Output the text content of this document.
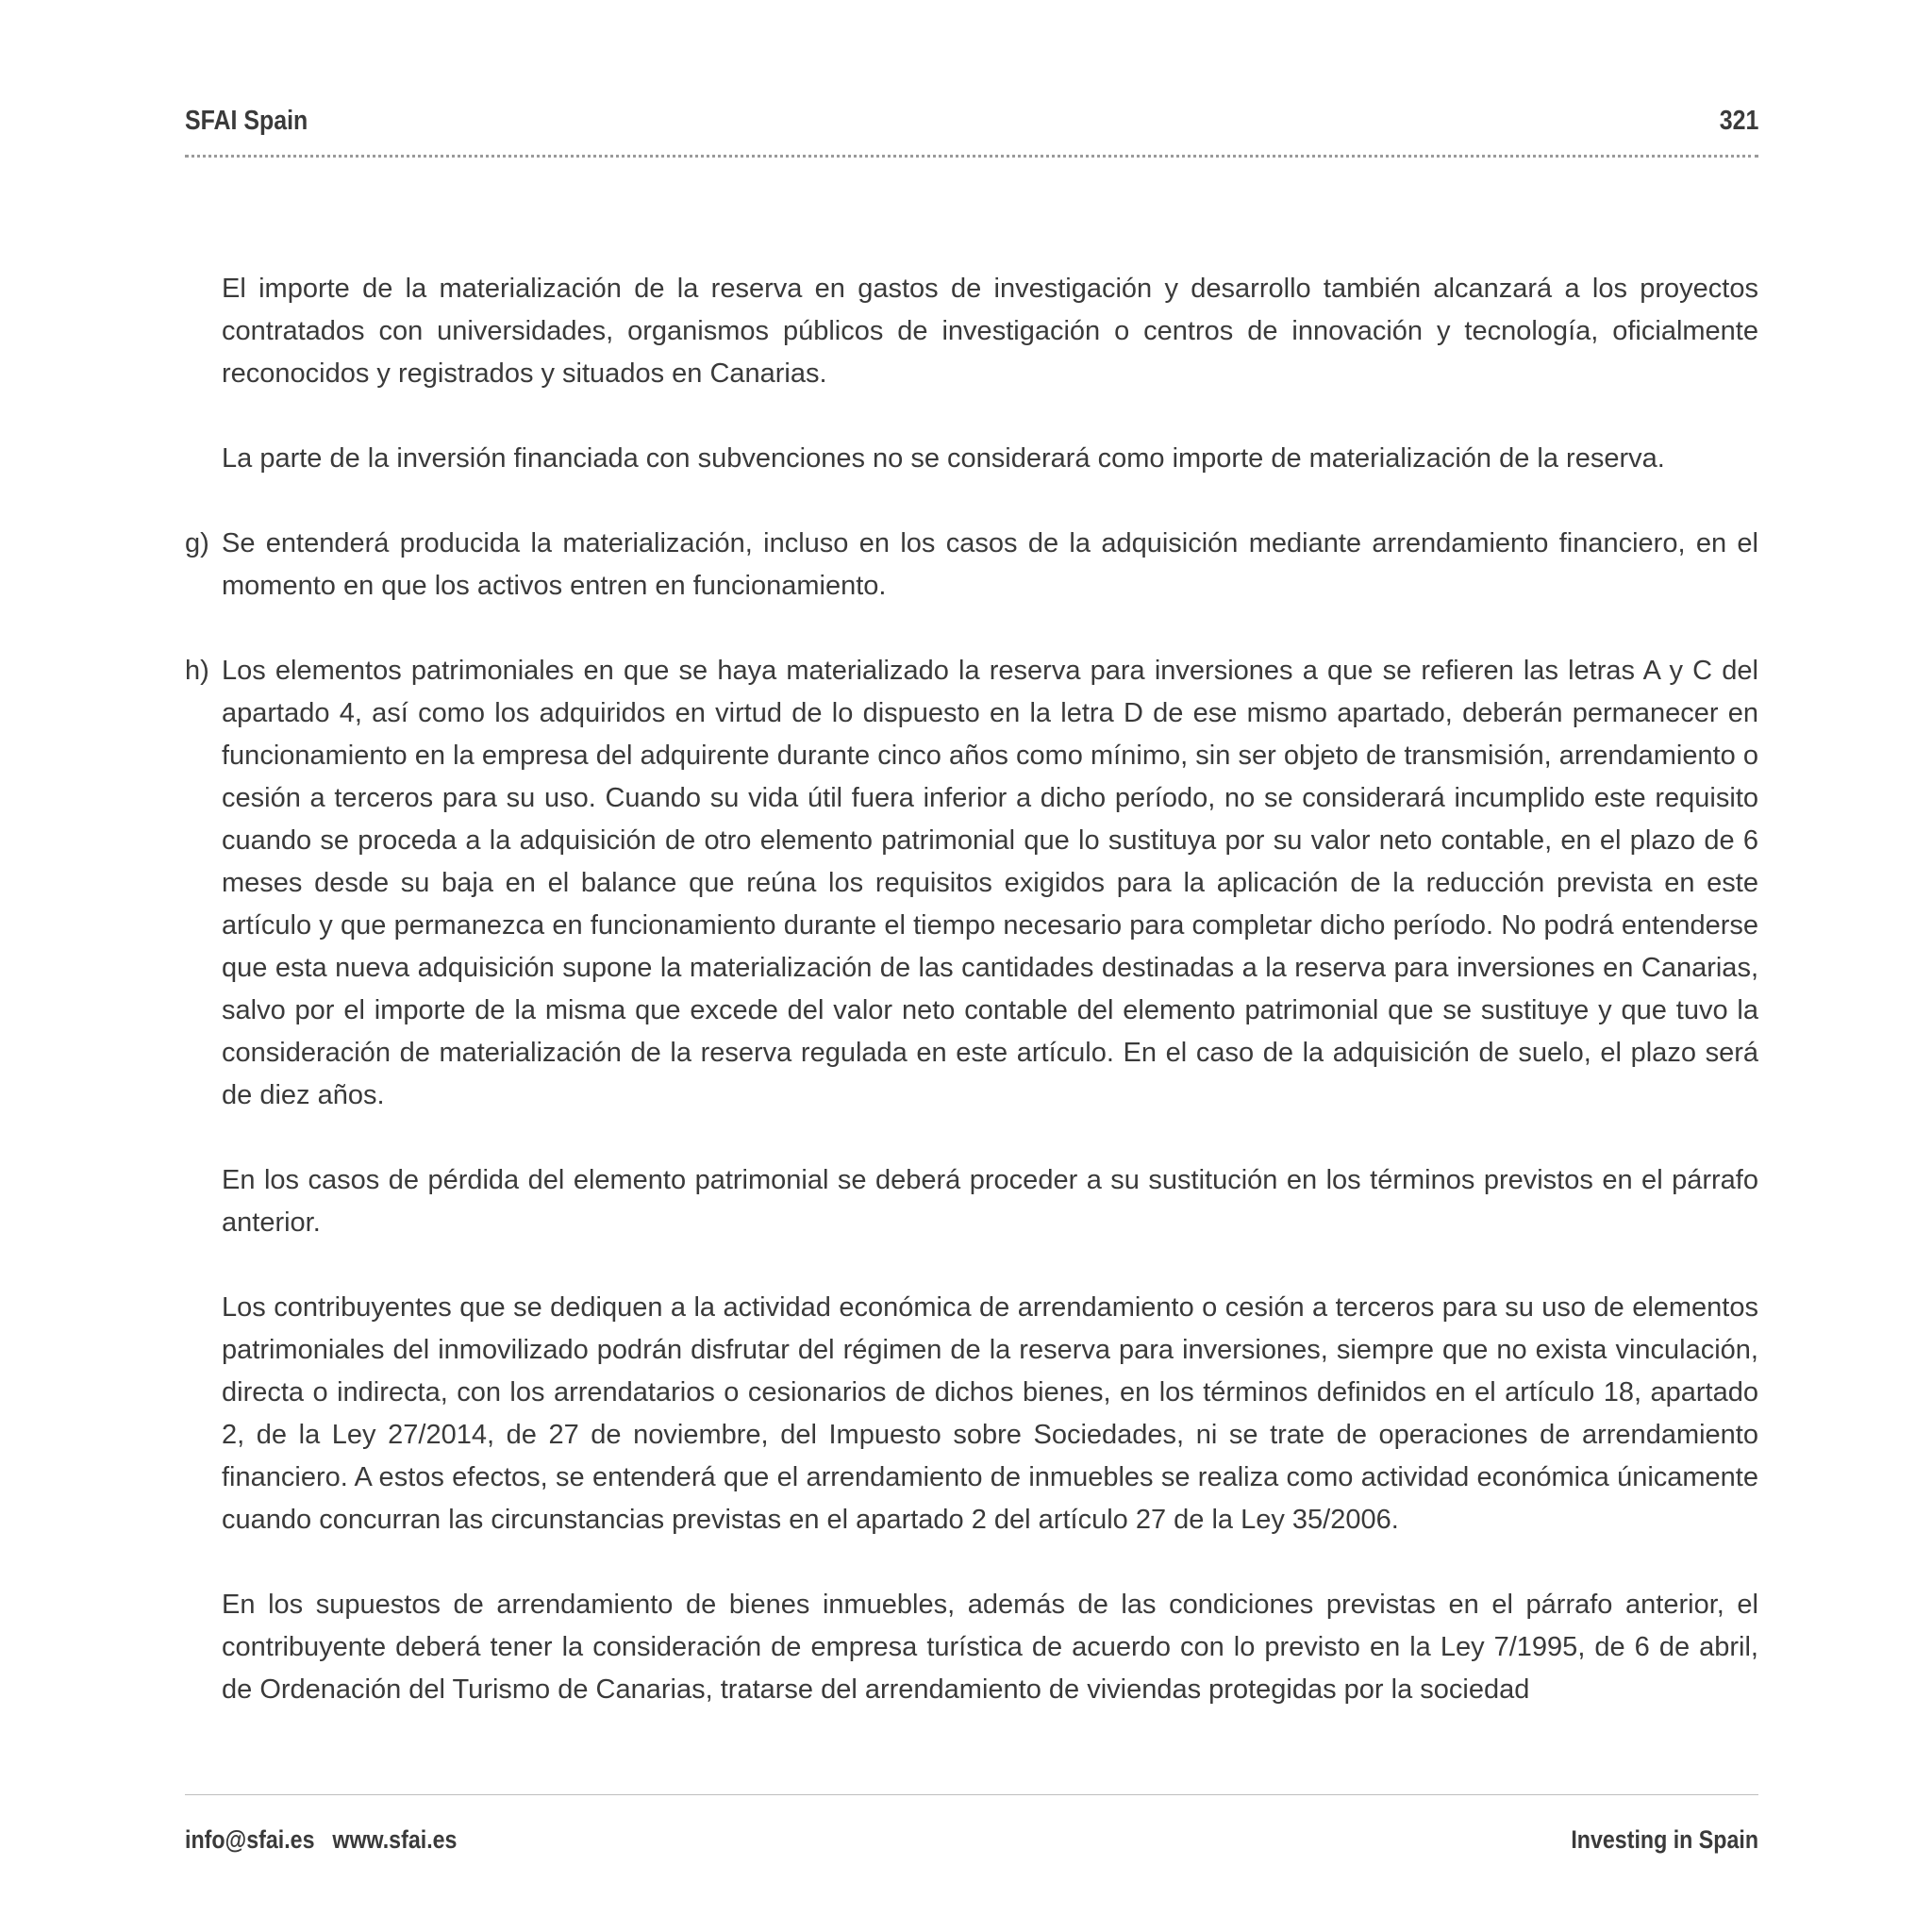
SFAI Spain	321
El importe de la materialización de la reserva en gastos de investigación y desarrollo también alcanzará a los proyectos contratados con universidades, organismos públicos de investigación o centros de innovación y tecnología, oficialmente reconocidos y registrados y situados en Canarias.
La parte de la inversión financiada con subvenciones no se considerará como importe de materialización de la reserva.
g) Se entenderá producida la materialización, incluso en los casos de la adquisición mediante arrendamiento financiero, en el momento en que los activos entren en funcionamiento.
h) Los elementos patrimoniales en que se haya materializado la reserva para inversiones a que se refieren las letras A y C del apartado 4, así como los adquiridos en virtud de lo dispuesto en la letra D de ese mismo apartado, deberán permanecer en funcionamiento en la empresa del adquirente durante cinco años como mínimo, sin ser objeto de transmisión, arrendamiento o cesión a terceros para su uso. Cuando su vida útil fuera inferior a dicho período, no se considerará incumplido este requisito cuando se proceda a la adquisición de otro elemento patrimonial que lo sustituya por su valor neto contable, en el plazo de 6 meses desde su baja en el balance que reúna los requisitos exigidos para la aplicación de la reducción prevista en este artículo y que permanezca en funcionamiento durante el tiempo necesario para completar dicho período. No podrá entenderse que esta nueva adquisición supone la materialización de las cantidades destinadas a la reserva para inversiones en Canarias, salvo por el importe de la misma que excede del valor neto contable del elemento patrimonial que se sustituye y que tuvo la consideración de materialización de la reserva regulada en este artículo. En el caso de la adquisición de suelo, el plazo será de diez años.
En los casos de pérdida del elemento patrimonial se deberá proceder a su sustitución en los términos previstos en el párrafo anterior.
Los contribuyentes que se dediquen a la actividad económica de arrendamiento o cesión a terceros para su uso de elementos patrimoniales del inmovilizado podrán disfrutar del régimen de la reserva para inversiones, siempre que no exista vinculación, directa o indirecta, con los arrendatarios o cesionarios de dichos bienes, en los términos definidos en el artículo 18, apartado 2, de la Ley 27/2014, de 27 de noviembre, del Impuesto sobre Sociedades, ni se trate de operaciones de arrendamiento financiero. A estos efectos, se entenderá que el arrendamiento de inmuebles se realiza como actividad económica únicamente cuando concurran las circunstancias previstas en el apartado 2 del artículo 27 de la Ley 35/2006.
En los supuestos de arrendamiento de bienes inmuebles, además de las condiciones previstas en el párrafo anterior, el contribuyente deberá tener la consideración de empresa turística de acuerdo con lo previsto en la Ley 7/1995, de 6 de abril, de Ordenación del Turismo de Canarias, tratarse del arrendamiento de viviendas protegidas por la sociedad
info@sfai.es www.sfai.es	Investing in Spain
